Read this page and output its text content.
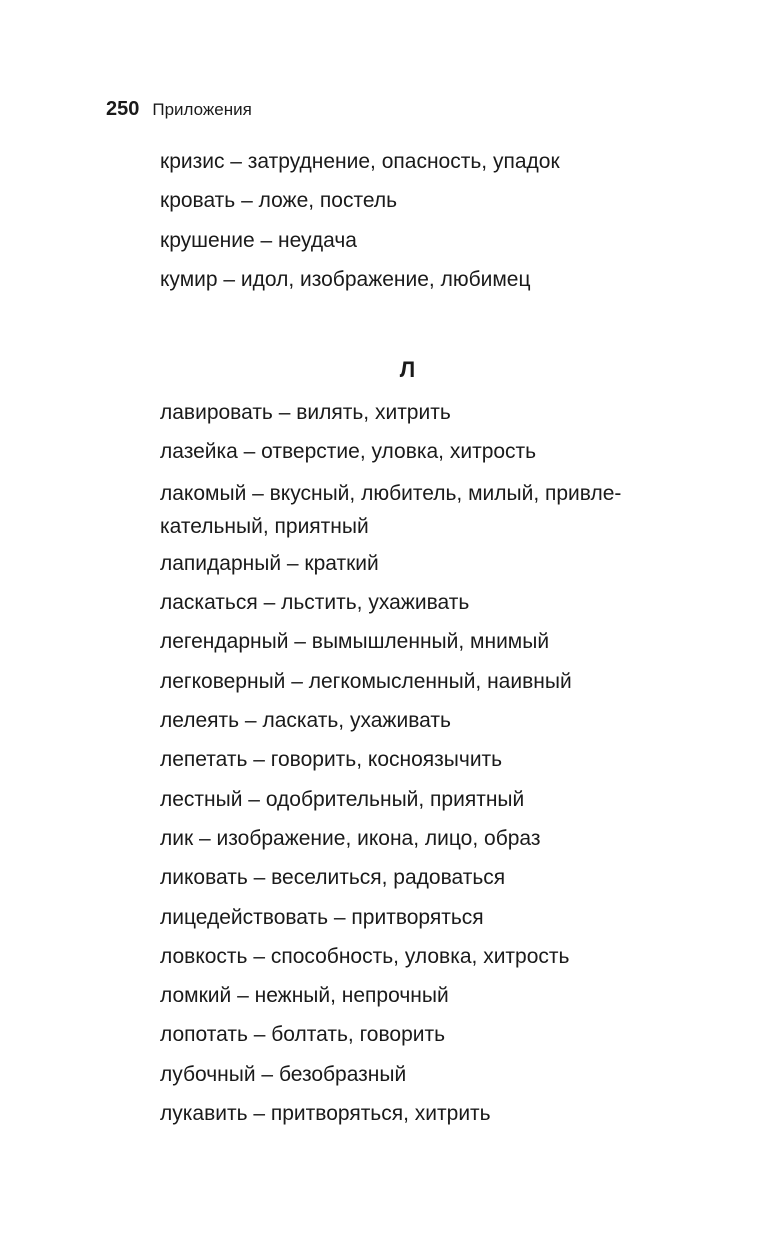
250 Приложения

кризис – затруднение, опасность, упадок

кровать – ложе, постель

крушение – неудача

кумир – идол, изображение, любимец

Л

лавировать – вилять, хитрить

лазейка – отверстие, уловка, хитрость

лакомый – вкусный, любитель, милый, привле-
кательный, приятный

лапидарный – краткий

ласкаться – льстить, ухаживать

легендарный – вымышленный, мнимый

легковерный – легкомысленный, наивный

лелеять – ласкать, ухаживать

лепетать – говорить, косноязычить

лестный – одобрительный, приятный

лик – изображение, икона, лицо, образ

ликовать – веселиться, радоваться

лицедействовать – притворяться

ловкость – способность, уловка, хитрость

ломкий – нежный, непрочный

лопотать – болтать, говорить

лубочный – безобразный

лукавить – притворяться, хитрить
